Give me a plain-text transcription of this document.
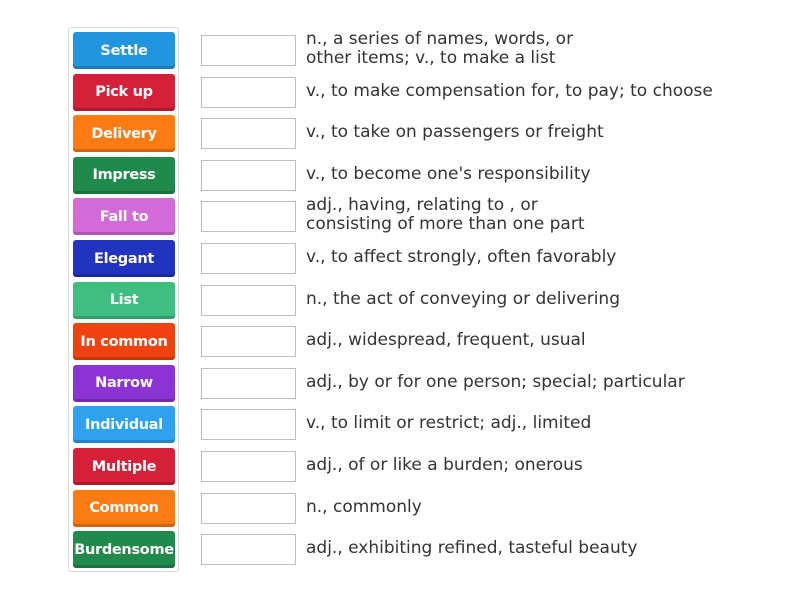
Settle
Pick up
Delivery
Impress
Fall to
Elegant
List
In common
Narrow
Individual
Multiple
Common
Burdensome
n., a series of names, words, or
other items; v., to make a list
v., to make compensation for, to pay; to choose
v., to take on passengers or freight
v., to become one's responsibility
adj., having, relating to , or
consisting of more than one part
v., to affect strongly, often favorably
n., the act of conveying or delivering
adj., widespread, frequent, usual
adj., by or for one person; special; particular
v., to limit or restrict; adj., limited
adj., of or like a burden; onerous
n., commonly
adj., exhibiting refined, tasteful beauty
